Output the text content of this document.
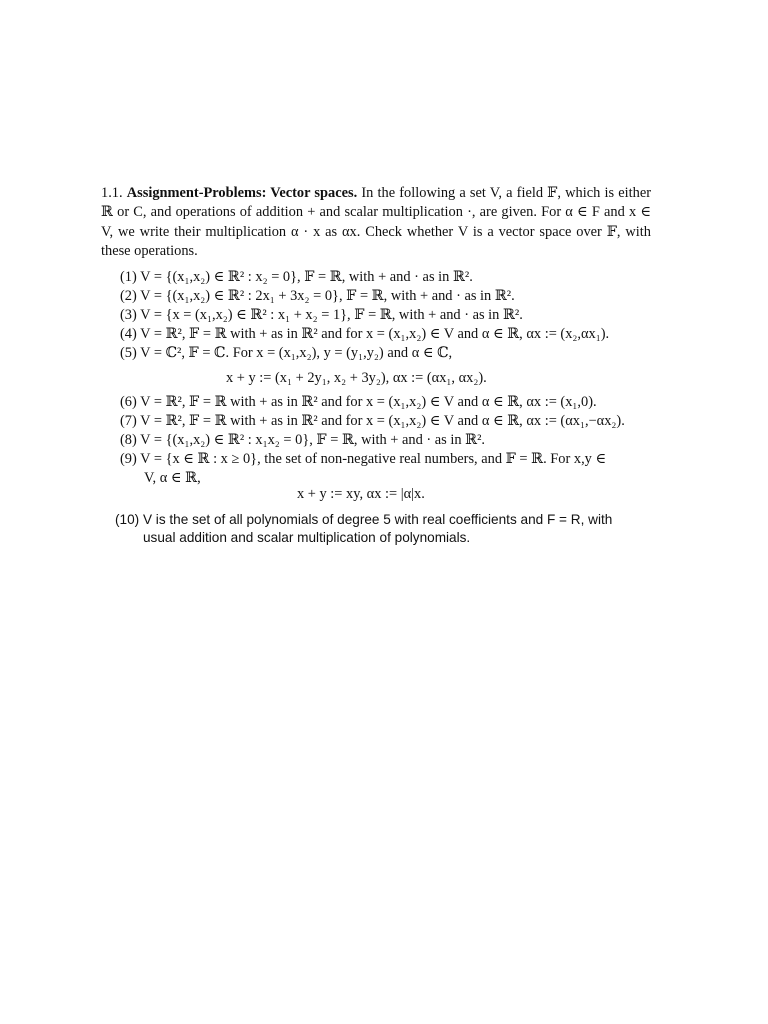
1.1. Assignment-Problems: Vector spaces. In the following a set V, a field 𝔽, which is either ℝ or C, and operations of addition + and scalar multiplication ·, are given. For α ∈ F and x ∈ V, we write their multiplication α · x as αx. Check whether V is a vector space over 𝔽, with these operations.
(1) V = {(x₁,x₂) ∈ ℝ² : x₂ = 0}, 𝔽 = ℝ, with + and · as in ℝ².
(2) V = {(x₁,x₂) ∈ ℝ² : 2x₁ + 3x₂ = 0}, 𝔽 = ℝ, with + and · as in ℝ².
(3) V = {x = (x₁,x₂) ∈ ℝ² : x₁ + x₂ = 1}, 𝔽 = ℝ, with + and · as in ℝ².
(4) V = ℝ², 𝔽 = ℝ with + as in ℝ² and for x = (x₁,x₂) ∈ V and α ∈ ℝ, αx := (x₂,αx₁).
(5) V = ℂ², 𝔽 = ℂ. For x = (x₁,x₂), y = (y₁,y₂) and α ∈ ℂ,
x + y := (x₁ + 2y₁, x₂ + 3y₂), αx := (αx₁, αx₂).
(6) V = ℝ², 𝔽 = ℝ with + as in ℝ² and for x = (x₁,x₂) ∈ V and α ∈ ℝ, αx := (x₁,0).
(7) V = ℝ², 𝔽 = ℝ with + as in ℝ² and for x = (x₁,x₂) ∈ V and α ∈ ℝ, αx := (αx₁,−αx₂).
(8) V = {(x₁,x₂) ∈ ℝ² : x₁x₂ = 0}, 𝔽 = ℝ, with + and · as in ℝ².
(9) V = {x ∈ ℝ : x ≥ 0}, the set of non-negative real numbers, and 𝔽 = ℝ. For x,y ∈
V, α ∈ ℝ,
x + y := xy, αx := |α|x.
(10) V is the set of all polynomials of degree 5 with real coefficients and F = R, with
usual addition and scalar multiplication of polynomials.
